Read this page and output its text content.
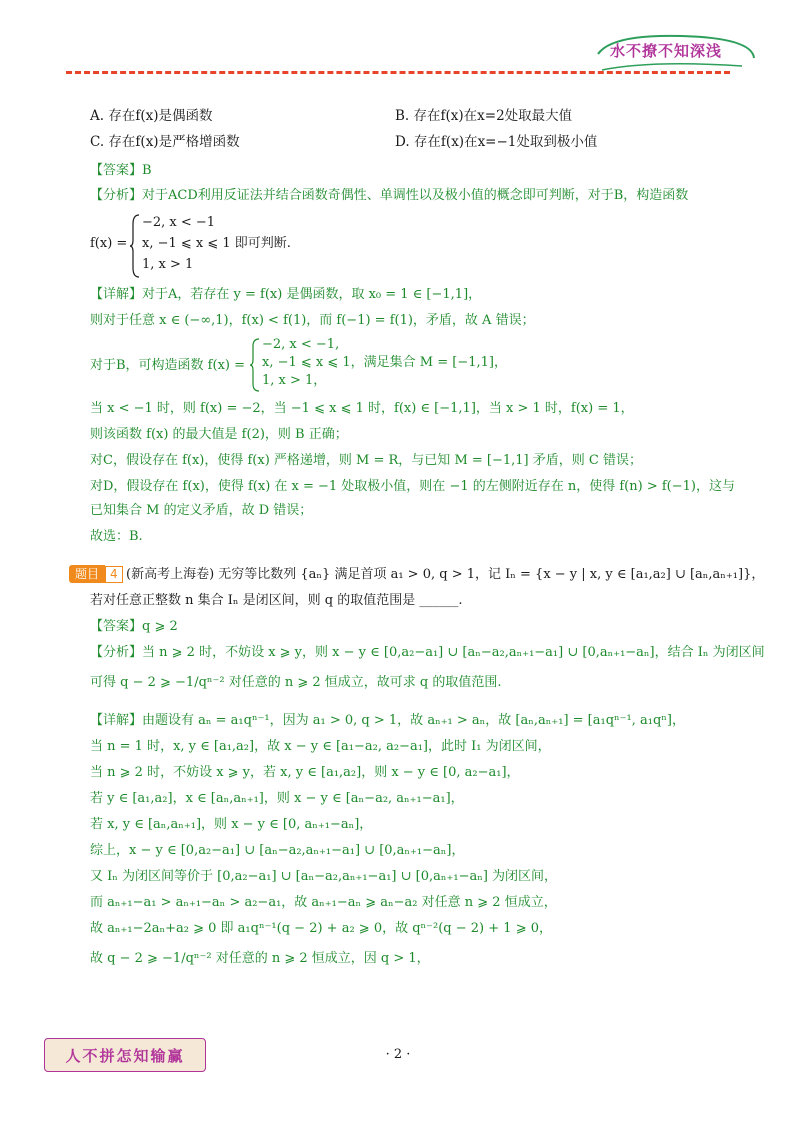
水不撩不知深浅
A. 存在f(x)是偶函数	B. 存在f(x)在x=2处取最大值
C. 存在f(x)是严格增函数	D. 存在f(x)在x=−1处取到极小值
【答案】B
【分析】对于ACD利用反证法并结合函数奇偶性、单调性以及极小值的概念即可判断，对于B，构造函数
f(x) =
−2, x < −1
x, −1 ⩽ x ⩽ 1 即可判断.
1, x > 1
【详解】对于A，若存在 y = f(x) 是偶函数，取 x₀ = 1 ∈ [−1,1]，
则对于任意 x ∈ (−∞,1)，f(x) < f(1)，而 f(−1) = f(1)，矛盾，故 A 错误；
对于B，可构造函数 f(x) =
−2, x < −1,
x, −1 ⩽ x ⩽ 1，满足集合 M = [−1,1]，
1, x > 1，
当 x < −1 时，则 f(x) = −2，当 −1 ⩽ x ⩽ 1 时，f(x) ∈ [−1,1]，当 x > 1 时，f(x) = 1，
则该函数 f(x) 的最大值是 f(2)，则 B 正确；
对C，假设存在 f(x)，使得 f(x) 严格递增，则 M = R，与已知 M = [−1,1] 矛盾，则 C 错误；
对D，假设存在 f(x)，使得 f(x) 在 x = −1 处取极小值，则在 −1 的左侧附近存在 n，使得 f(n) > f(−1)，这与
已知集合 M 的定义矛盾，故 D 错误；
故选：B.
题目 4 (新高考上海卷) 无穷等比数列 {aₙ} 满足首项 a₁ > 0, q > 1，记 Iₙ = {x − y | x, y ∈ [a₁,a₂] ∪ [aₙ,aₙ₊₁]}，
若对任意正整数 n 集合 Iₙ 是闭区间，则 q 的取值范围是 ______.
【答案】q ⩾ 2
【分析】当 n ⩾ 2 时，不妨设 x ⩾ y，则 x − y ∈ [0,a₂−a₁] ∪ [aₙ−a₂,aₙ₊₁−a₁] ∪ [0,aₙ₊₁−aₙ]，结合 Iₙ 为闭区间
可得 q − 2 ⩾ −1/qⁿ⁻² 对任意的 n ⩾ 2 恒成立，故可求 q 的取值范围.
【详解】由题设有 aₙ = a₁qⁿ⁻¹，因为 a₁ > 0, q > 1，故 aₙ₊₁ > aₙ，故 [aₙ,aₙ₊₁] = [a₁qⁿ⁻¹, a₁qⁿ]，
当 n = 1 时，x, y ∈ [a₁,a₂]，故 x − y ∈ [a₁−a₂, a₂−a₁]，此时 I₁ 为闭区间，
当 n ⩾ 2 时，不妨设 x ⩾ y，若 x, y ∈ [a₁,a₂]，则 x − y ∈ [0, a₂−a₁]，
若 y ∈ [a₁,a₂]，x ∈ [aₙ,aₙ₊₁]，则 x − y ∈ [aₙ−a₂, aₙ₊₁−a₁]，
若 x, y ∈ [aₙ,aₙ₊₁]，则 x − y ∈ [0, aₙ₊₁−aₙ]，
综上，x − y ∈ [0,a₂−a₁] ∪ [aₙ−a₂,aₙ₊₁−a₁] ∪ [0,aₙ₊₁−aₙ]，
又 Iₙ 为闭区间等价于 [0,a₂−a₁] ∪ [aₙ−a₂,aₙ₊₁−a₁] ∪ [0,aₙ₊₁−aₙ] 为闭区间，
而 aₙ₊₁−a₁ > aₙ₊₁−aₙ > a₂−a₁，故 aₙ₊₁−aₙ ⩾ aₙ−a₂ 对任意 n ⩾ 2 恒成立，
故 aₙ₊₁−2aₙ+a₂ ⩾ 0 即 a₁qⁿ⁻¹(q − 2) + a₂ ⩾ 0，故 qⁿ⁻²(q − 2) + 1 ⩾ 0，
故 q − 2 ⩾ −1/qⁿ⁻² 对任意的 n ⩾ 2 恒成立，因 q > 1，
人不拼怎知输赢	· 2 ·
